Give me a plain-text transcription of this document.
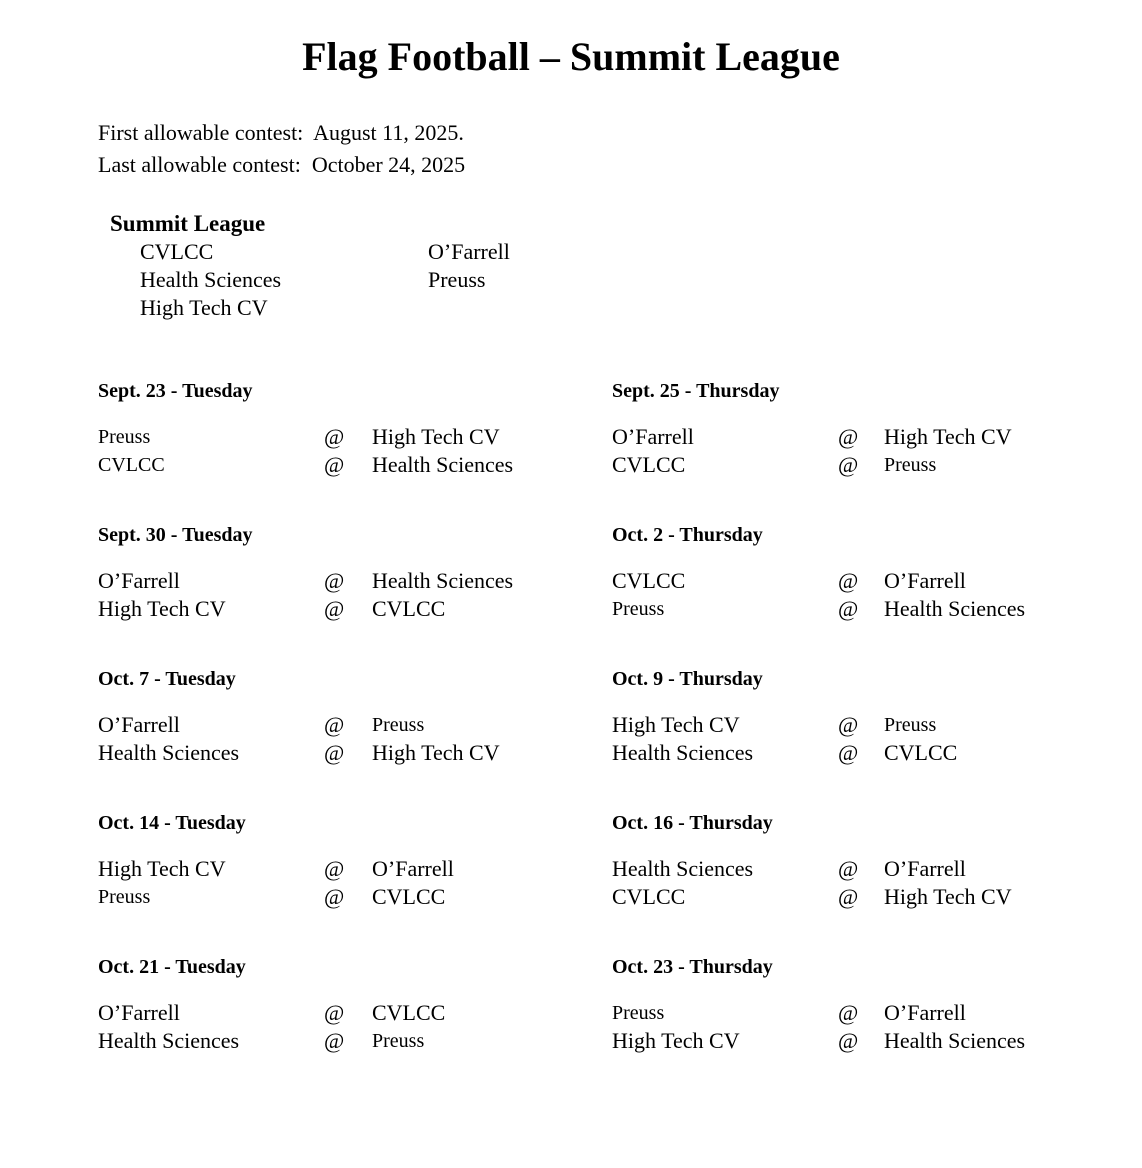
Flag Football – Summit League
First allowable contest:  August 11, 2025.
Last allowable contest:  October 24, 2025
Summit League
CVLCC
Health Sciences
High Tech CV
O’Farrell
Preuss
Sept. 23 - Tuesday
Preuss	@ High Tech CV
CVLCC	@ Health Sciences
Sept. 25 - Thursday
O’Farrell	@ High Tech CV
CVLCC	@ Preuss
Sept. 30 - Tuesday
O’Farrell	@ Health Sciences
High Tech CV	@ CVLCC
Oct. 2 - Thursday
CVLCC	@ O’Farrell
Preuss	@ Health Sciences
Oct. 7 - Tuesday
O’Farrell	@ Preuss
Health Sciences	@ High Tech CV
Oct. 9 - Thursday
High Tech CV	@ Preuss
Health Sciences	@ CVLCC
Oct. 14 - Tuesday
High Tech CV	@ O’Farrell
Preuss	@ CVLCC
Oct. 16 - Thursday
Health Sciences	@ O’Farrell
CVLCC	@ High Tech CV
Oct. 21 - Tuesday
O’Farrell	@ CVLCC
Health Sciences	@ Preuss
Oct. 23 - Thursday
Preuss	@ O’Farrell
High Tech CV	@ Health Sciences
